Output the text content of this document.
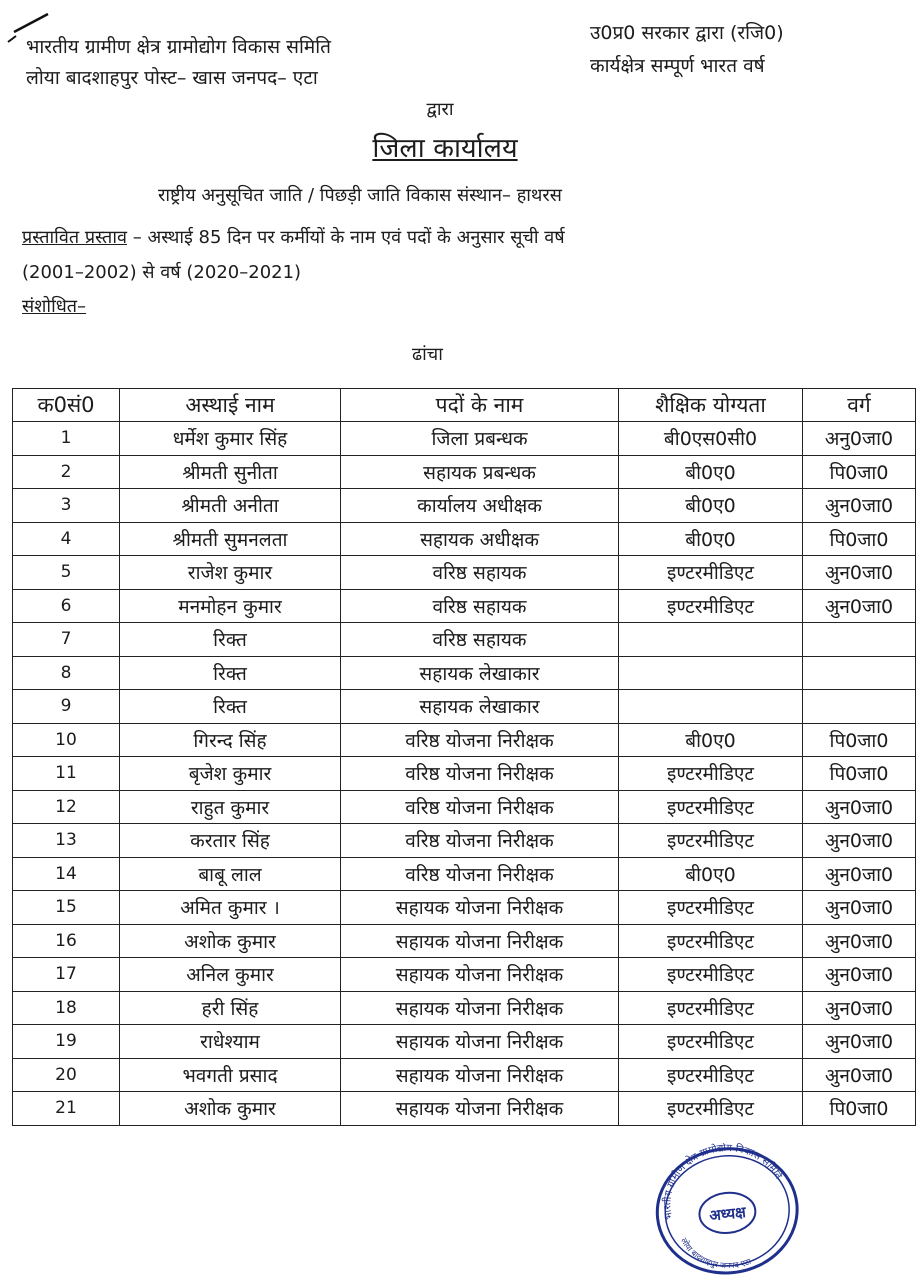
भारतीय ग्रामीण क्षेत्र ग्रामोद्योग विकास समिति
लोया बादशाहपुर पोस्ट– खास जनपद– एटा
उ0प्र0 सरकार द्वारा (रजि0)
कार्यक्षेत्र सम्पूर्ण भारत वर्ष
द्वारा
जिला कार्यालय
राष्ट्रीय अनुसूचित जाति / पिछड़ी जाति विकास संस्थान– हाथरस
प्रस्तावित प्रस्ताव – अस्थाई 85 दिन पर कर्मीयों के नाम एवं पदों के अनुसार सूची वर्ष
(2001–2002) से वर्ष (2020–2021)
संशोधित–
ढांचा
क0सं0	अस्थाई नाम	पदों के नाम	शैक्षिक योग्यता	वर्ग
1	धर्मेश कुमार सिंह	जिला प्रबन्धक	बी0एस0सी0	अनु0जा0
2	श्रीमती सुनीता	सहायक प्रबन्धक	बी0ए0	पि0जा0
3	श्रीमती अनीता	कार्यालय अधीक्षक	बी0ए0	अुन0जा0
4	श्रीमती सुमनलता	सहायक अधीक्षक	बी0ए0	पि0जा0
5	राजेश कुमार	वरिष्ठ सहायक	इण्टरमीडिएट	अुन0जा0
6	मनमोहन कुमार	वरिष्ठ सहायक	इण्टरमीडिएट	अुन0जा0
7	रिक्त	वरिष्ठ सहायक		
8	रिक्त	सहायक लेखाकार		
9	रिक्त	सहायक लेखाकार		
10	गिरन्द सिंह	वरिष्ठ योजना निरीक्षक	बी0ए0	पि0जा0
11	बृजेश कुमार	वरिष्ठ योजना निरीक्षक	इण्टरमीडिएट	पि0जा0
12	राहुत कुमार	वरिष्ठ योजना निरीक्षक	इण्टरमीडिएट	अुन0जा0
13	करतार सिंह	वरिष्ठ योजना निरीक्षक	इण्टरमीडिएट	अुन0जा0
14	बाबू लाल	वरिष्ठ योजना निरीक्षक	बी0ए0	अुन0जा0
15	अमित कुमार ।	सहायक योजना निरीक्षक	इण्टरमीडिएट	अुन0जा0
16	अशोक कुमार	सहायक योजना निरीक्षक	इण्टरमीडिएट	अुन0जा0
17	अनिल कुमार	सहायक योजना निरीक्षक	इण्टरमीडिएट	अुन0जा0
18	हरी सिंह	सहायक योजना निरीक्षक	इण्टरमीडिएट	अुन0जा0
19	राधेश्याम	सहायक योजना निरीक्षक	इण्टरमीडिएट	अुन0जा0
20	भवगती प्रसाद	सहायक योजना निरीक्षक	इण्टरमीडिएट	अुन0जा0
21	अशोक कुमार	सहायक योजना निरीक्षक	इण्टरमीडिएट	पि0जा0
भारतीय ग्रामीण क्षेत्र ग्रामोद्योग विकास समिति
लोया बादशाहपुर जनपद एटा
अध्यक्ष
